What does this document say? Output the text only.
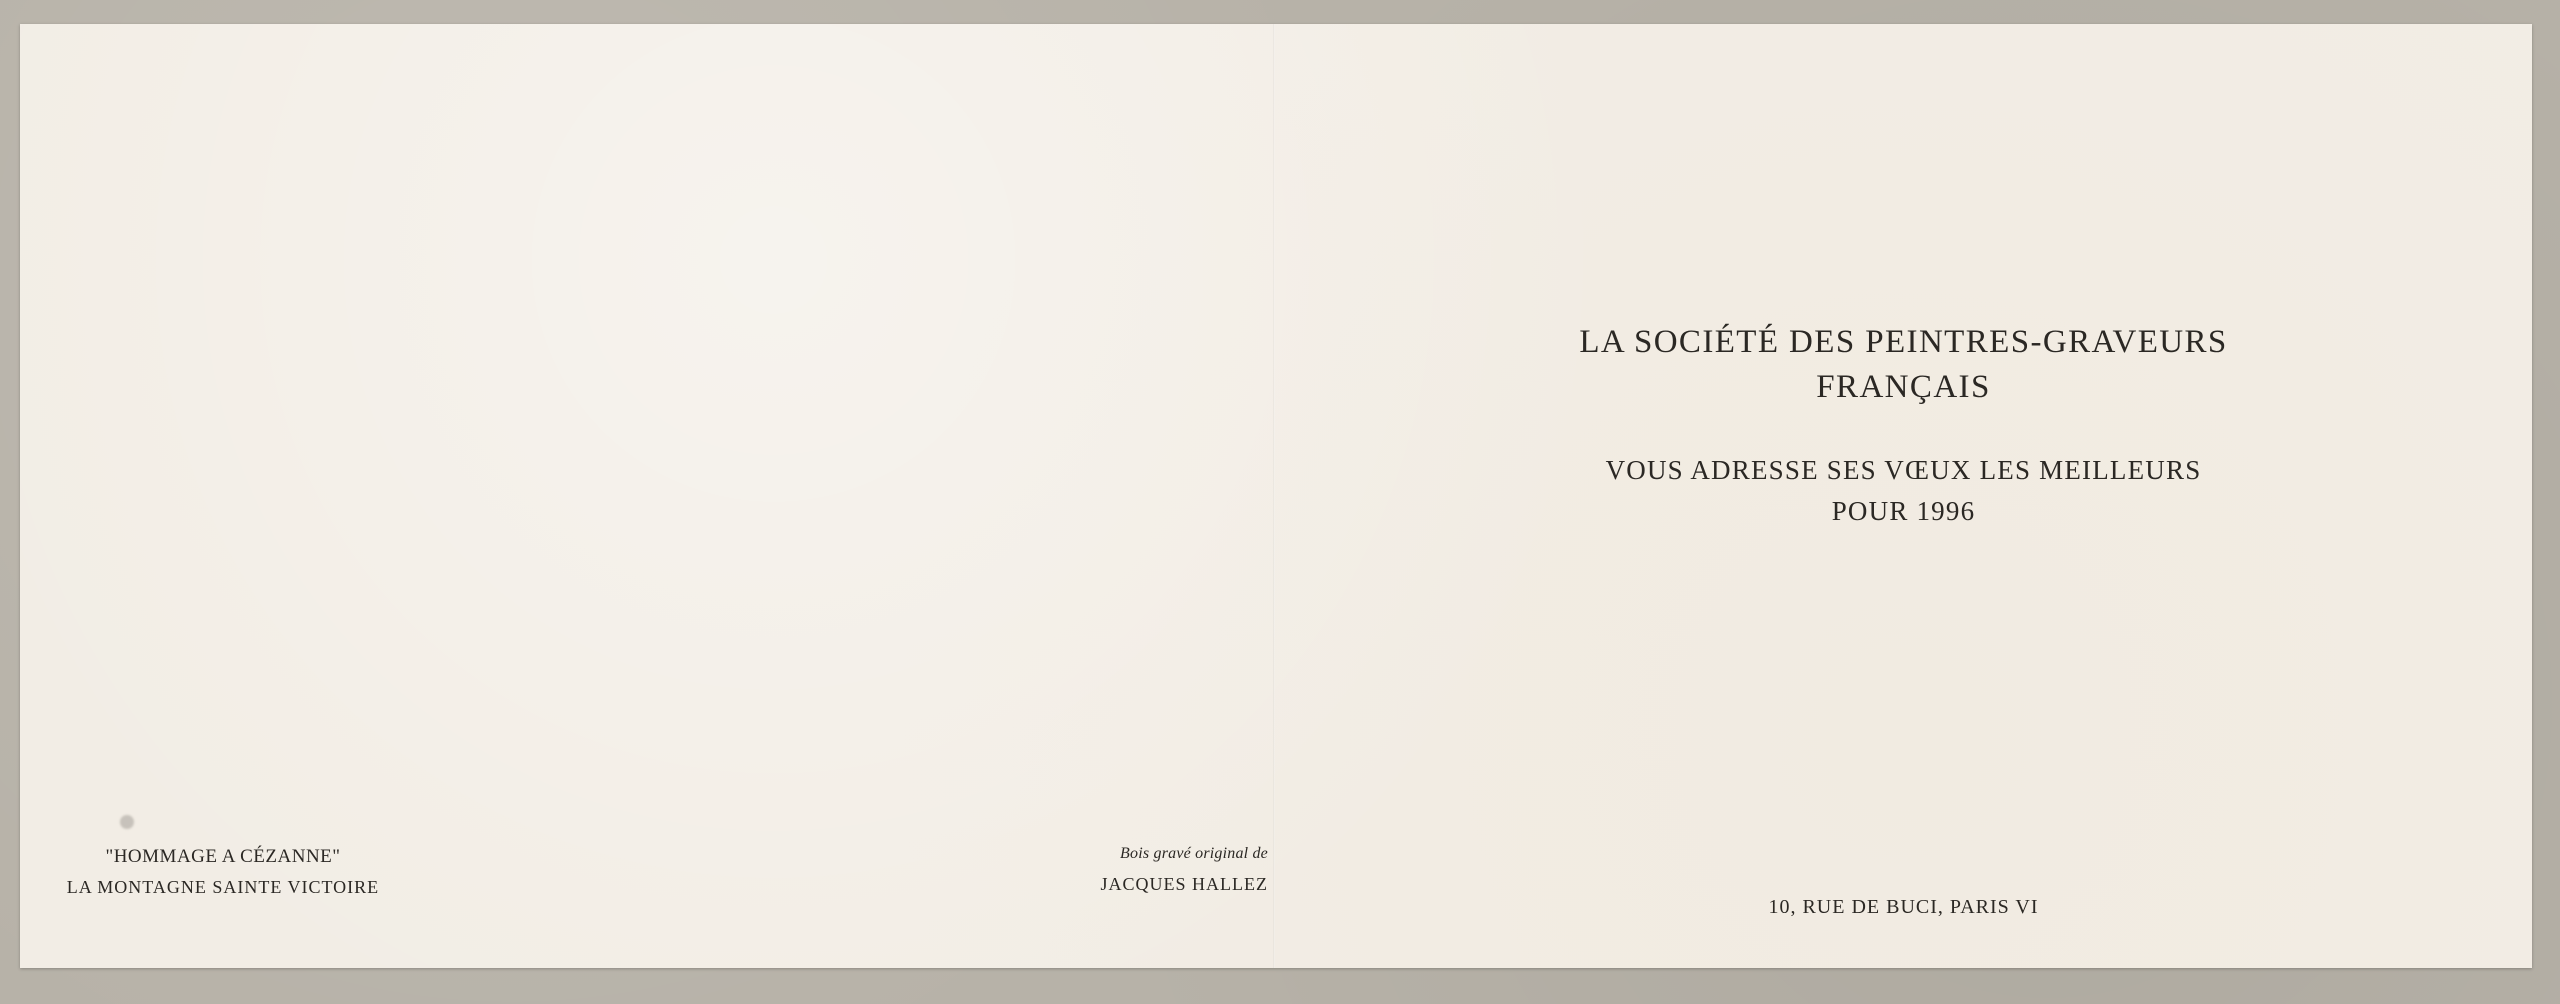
"HOMMAGE A CÉZANNE"
LA MONTAGNE SAINTE VICTOIRE
Bois gravé original de
JACQUES HALLEZ
LA SOCIÉTÉ DES PEINTRES-GRAVEURS
FRANÇAIS
VOUS ADRESSE SES VŒUX LES MEILLEURS
POUR 1996
10, RUE DE BUCI, PARIS VI
